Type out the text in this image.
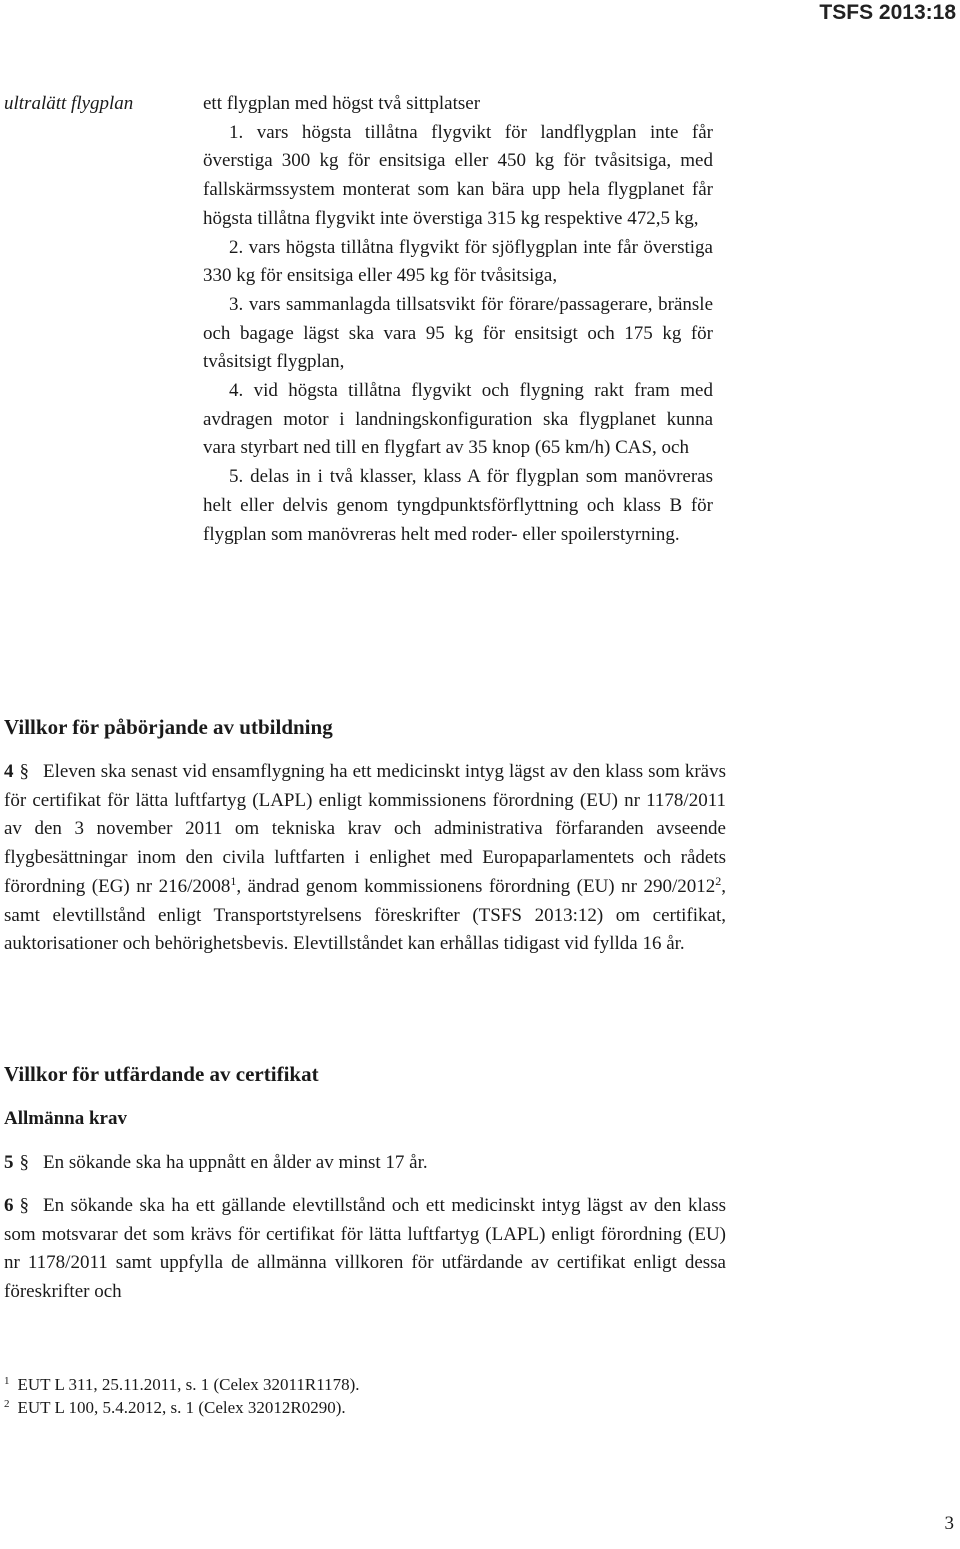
TSFS 2013:18
ultralätt flygplan	ett flygplan med högst två sittplatser

1. vars högsta tillåtna flygvikt för landflygplan inte får överstiga 300 kg för ensitsiga eller 450 kg för tvåsitsiga, med fallskärmssystem monterat som kan bära upp hela flygplanet får högsta tillåtna flygvikt inte överstiga 315 kg respektive 472,5 kg,

2. vars högsta tillåtna flygvikt för sjöflygplan inte får överstiga 330 kg för ensitsiga eller 495 kg för tvåsitsiga,

3. vars sammanlagda tillsatsvikt för förare/passagerare, bränsle och bagage lägst ska vara 95 kg för ensitsigt och 175 kg för tvåsitsigt flygplan,

4. vid högsta tillåtna flygvikt och flygning rakt fram med avdragen motor i landningskonfiguration ska flygplanet kunna vara styrbart ned till en flygfart av 35 knop (65 km/h) CAS, och

5. delas in i två klasser, klass A för flygplan som manövreras helt eller delvis genom tyngdpunktsförflyttning och klass B för flygplan som manövreras helt med roder- eller spoilerstyrning.

Villkor för påbörjande av utbildning

4 § Eleven ska senast vid ensamflygning ha ett medicinskt intyg lägst av den klass som krävs för certifikat för lätta luftfartyg (LAPL) enligt kommissionens förordning (EU) nr 1178/2011 av den 3 november 2011 om tekniska krav och administrativa förfaranden avseende flygbesättningar inom den civila luftfarten i enlighet med Europaparlamentets och rådets förordning (EG) nr 216/2008$^1$, ändrad genom kommissionens förordning (EU) nr 290/2012$^2$, samt elevtillstånd enligt Transportstyrelsens föreskrifter (TSFS 2013:12) om certifikat, auktorisationer och behörighetsbevis. Elevtillståndet kan erhållas tidigast vid fyllda 16 år.

Villkor för utfärdande av certifikat
Allmänna krav

5 § En sökande ska ha uppnått en ålder av minst 17 år.

6 § En sökande ska ha ett gällande elevtillstånd och ett medicinskt intyg lägst av den klass som motsvarar det som krävs för certifikat för lätta luftfartyg (LAPL) enligt förordning (EU) nr 1178/2011 samt uppfylla de allmänna villkoren för utfärdande av certifikat enligt dessa föreskrifter och

$^1$ EUT L 311, 25.11.2011, s. 1 (Celex 32011R1178).

$^2$ EUT L 100, 5.4.2012, s. 1 (Celex 32012R0290).

3
